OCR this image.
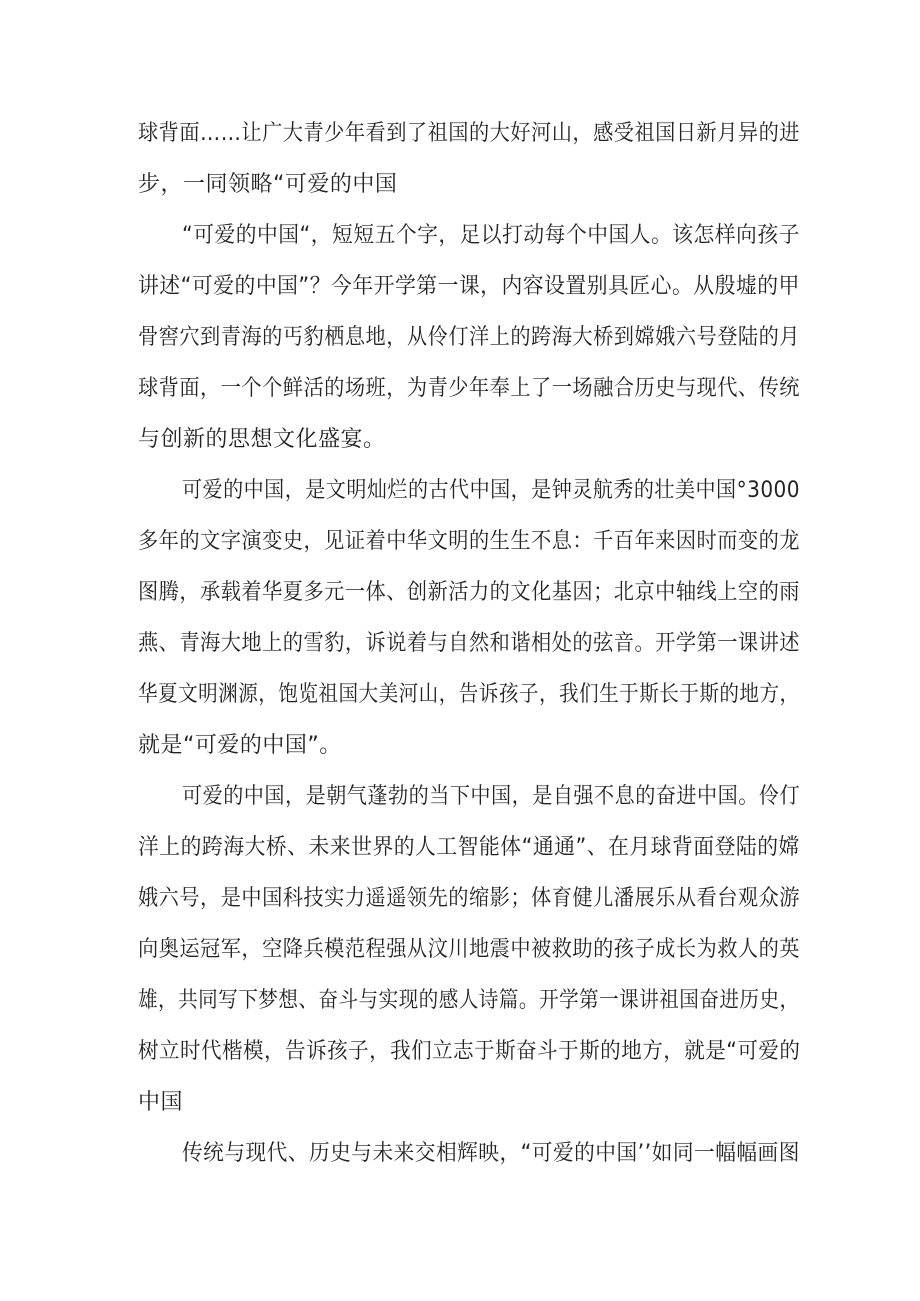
球背面……让广大青少年看到了祖国的大好河山，感受祖国日新月异的进

步，一同领略“可爱的中国

“可爱的中国“，短短五个字，足以打动每个中国人。该怎样向孩子

讲述“可爱的中国”？今年开学第一课，内容设置别具匠心。从殷墟的甲

骨窖穴到青海的丐豹栖息地，从伶仃洋上的跨海大桥到嫦娥六号登陆的月

球背面，一个个鲜活的场班，为青少年奉上了一场融合历史与现代、传统

与创新的思想文化盛宴。

可爱的中国，是文明灿烂的古代中国，是钟灵航秀的壮美中国°3000

多年的文字演变史，见证着中华文明的生生不息：千百年来因时而变的龙

图腾，承载着华夏多元一体、创新活力的文化基因；北京中轴线上空的雨

燕、青海大地上的雪豹，诉说着与自然和谐相处的弦音。开学第一课讲述

华夏文明渊源，饱览祖国大美河山，告诉孩子，我们生于斯长于斯的地方，

就是“可爱的中国”。

可爱的中国，是朝气蓬勃的当下中国，是自强不息的奋进中国。伶仃

洋上的跨海大桥、未来世界的人工智能体“通通”、在月球背面登陆的嫦

娥六号，是中国科技实力遥遥领先的缩影；体育健儿潘展乐从看台观众游

向奥运冠军，空降兵模范程强从汶川地震中被救助的孩子成长为救人的英

雄，共同写下梦想、奋斗与实现的感人诗篇。开学第一课讲祖国奋进历史，

树立时代楷模，告诉孩子，我们立志于斯奋斗于斯的地方，就是“可爱的

中国

传统与现代、历史与未来交相辉映，“可爱的中国’’如同一幅幅画图
